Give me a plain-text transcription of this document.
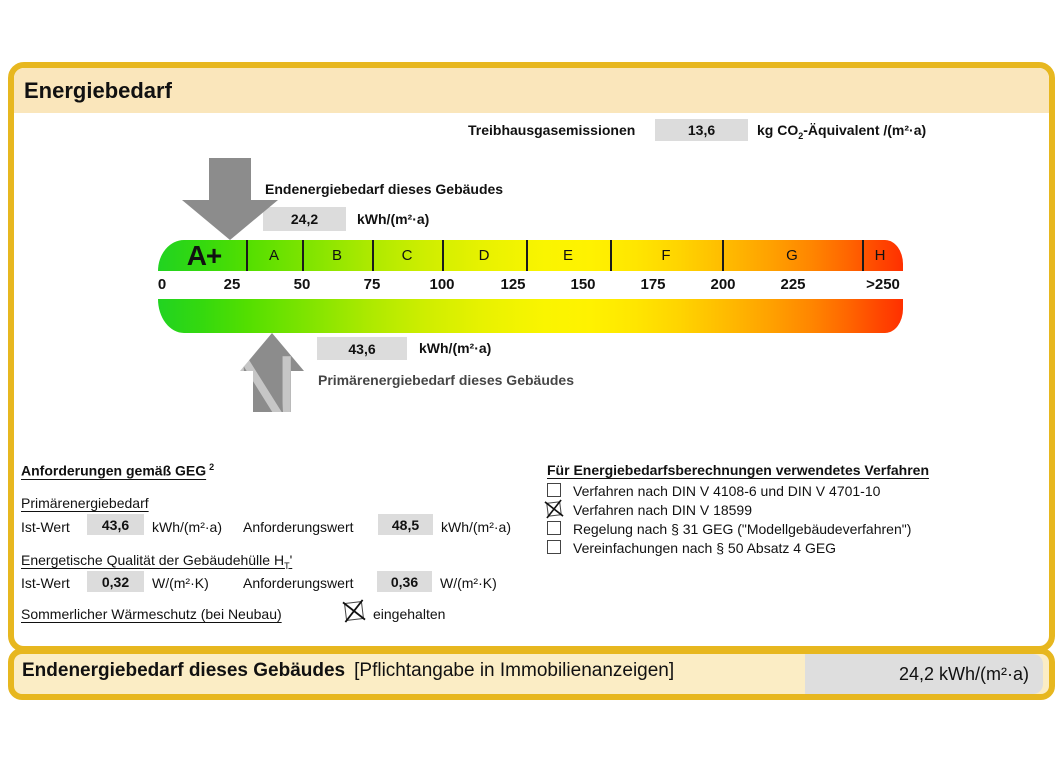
Energiebedarf
Treibhausgasemissionen	13,6	kg $CO_2$-Äquivalent /(m²·a)
Endenergiebedarf dieses Gebäudes
24,2	kWh/(m²·a)
A+	A	B	C	D	E	F	G	H
0	25	50	75	100	125	150	175	200	225	>250
N	43,6	kWh/(m²·a)
Primärenergiebedarf dieses Gebäudes
Anforderungen gemäß GEG $^2$
Primärenergiebedarf
Ist-Wert 43,6 kWh/(m²·a) Anforderungswert	48,5 kWh/(m²·a)
Energetische Qualität der Gebäudehülle $H_T'$
Ist-Wert 0,32 W/(m²·K) Anforderungswert	0,36 W/(m²·K)
Sommerlicher Wärmeschutz (bei Neubau)	eingehalten
Für Energiebedarfsberechnungen verwendetes Verfahren
Verfahren nach DIN V 4108-6 und DIN V 4701-10
Verfahren nach DIN V 18599
Regelung nach § 31 GEG ("Modellgebäudeverfahren")
Vereinfachungen nach § 50 Absatz 4 GEG
Endenergiebedarf dieses Gebäudes [Pflichtangabe in Immobilienanzeigen]	24,2 kWh/(m²·a)
